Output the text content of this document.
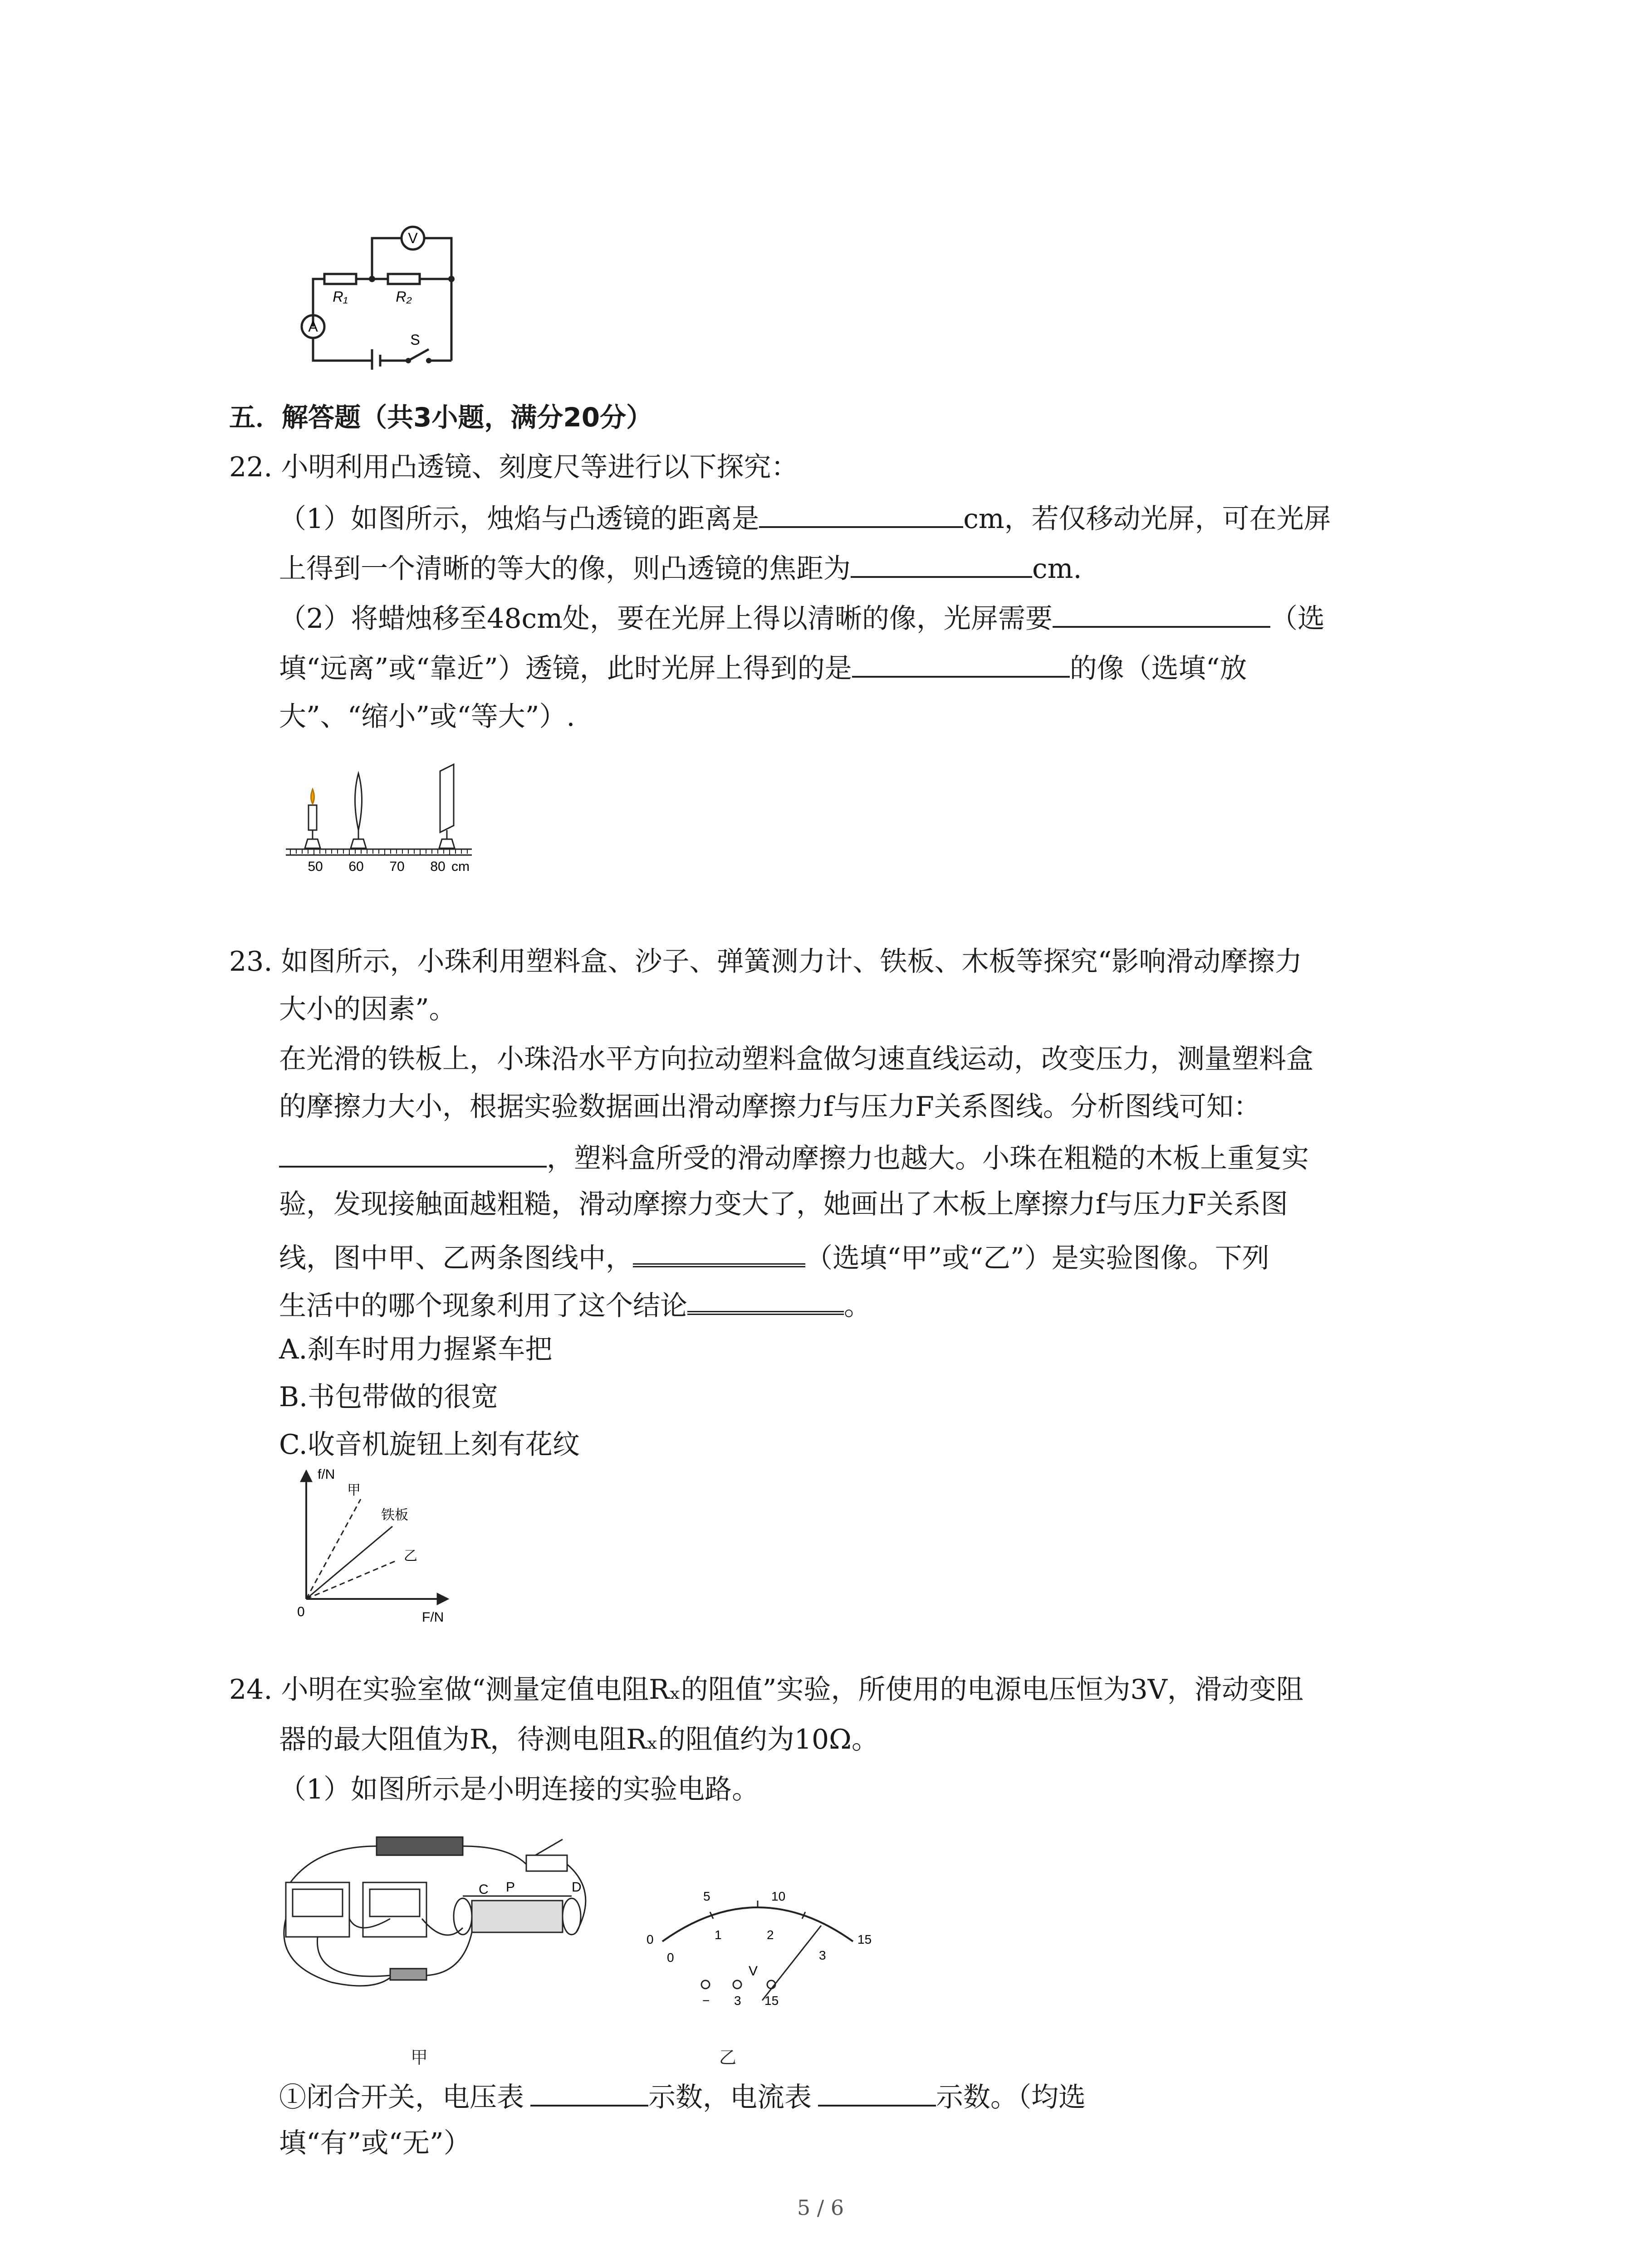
V
R₁	R₂
A
S
五．解答题（共3小题，满分20分）
22. 小明利用凸透镜、刻度尺等进行以下探究：
（1）如图所示，烛焰与凸透镜的距离是	cm，若仅移动光屏，可在光屏
上得到一个清晰的等大的像，则凸透镜的焦距为	cm.
（2）将蜡烛移至48cm处，要在光屏上得以清晰的像，光屏需要	（选
填“远离”或“靠近”）透镜，此时光屏上得到的是	的像（选填“放
大”、“缩小”或“等大”）.
50 60 70 80 cm
23. 如图所示，小珠利用塑料盒、沙子、弹簧测力计、铁板、木板等探究“影响滑动摩擦力
大小的因素”。
在光滑的铁板上，小珠沿水平方向拉动塑料盒做匀速直线运动，改变压力，测量塑料盒
的摩擦力大小，根据实验数据画出滑动摩擦力f与压力F关系图线。分析图线可知：
，塑料盒所受的滑动摩擦力也越大。小珠在粗糙的木板上重复实
验，发现接触面越粗糙，滑动摩擦力变大了，她画出了木板上摩擦力f与压力F关系图
线，图中甲、乙两条图线中，	（选填“甲”或“乙”）是实验图像。下列
生活中的哪个现象利用了这个结论	。
A.刹车时用力握紧车把
B.书包带做的很宽
C.收音机旋钮上刻有花纹
f/N
F/N
0
甲
铁板
乙
24. 小明在实验室做“测量定值电阻Rₓ的阻值”实验，所使用的电源电压恒为3V，滑动变阻
器的最大阻值为R，待测电阻Rₓ的阻值约为10Ω。
（1）如图所示是小明连接的实验电路。
C P	D
0
5	10
15
0
1	2
3
V
− 3 15
甲	乙
①闭合开关，电压表	示数，电流表	示数。（均选
填“有”或“无”）
5 / 6
